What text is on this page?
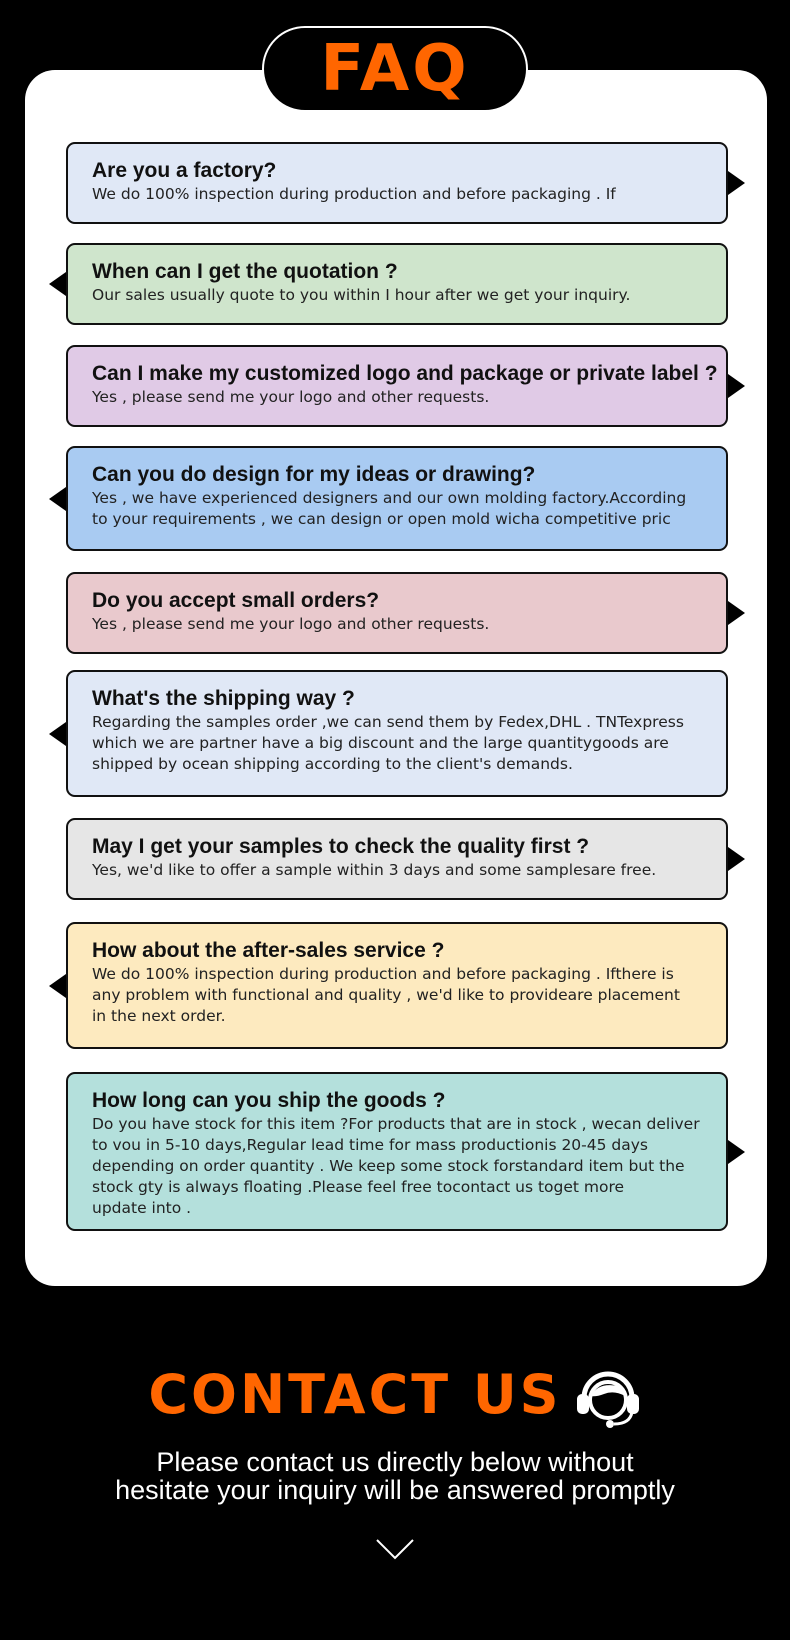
FAQ
Are you a factory?
We do 100% inspection during production and before packaging . If
When can I get the quotation ?
Our sales usually quote to you within I hour after we get your inquiry.
Can I make my customized logo and package or private label ?
Yes , please send me your logo and other requests.
Can you do design for my ideas or drawing?
Yes , we have experienced designers and our own molding factory.According
to your requirements , we can design or open mold wicha competitive pric
Do you accept small orders?
Yes , please send me your logo and other requests.
What's the shipping way ?
Regarding the samples order ,we can send them by Fedex,DHL . TNTexpress
which we are partner have a big discount and the large quantitygoods are
shipped by ocean shipping according to the client's demands.
May I get your samples to check the quality first ?
Yes, we'd like to offer a sample within 3 days and some samplesare free.
How about the after-sales service ?
We do 100% inspection during production and before packaging . Ifthere is
any problem with functional and quality , we'd like to provideare placement
in the next order.
How long can you ship the goods ?
Do you have stock for this item ?For products that are in stock , wecan deliver
to vou in 5-10 days,Regular lead time for mass productionis 20-45 days
depending on order quantity . We keep some stock forstandard item but the
stock gty is always floating .Please feel free tocontact us toget more
update into .
CONTACT US
Please contact us directly below without
hesitate your inquiry will be answered promptly
